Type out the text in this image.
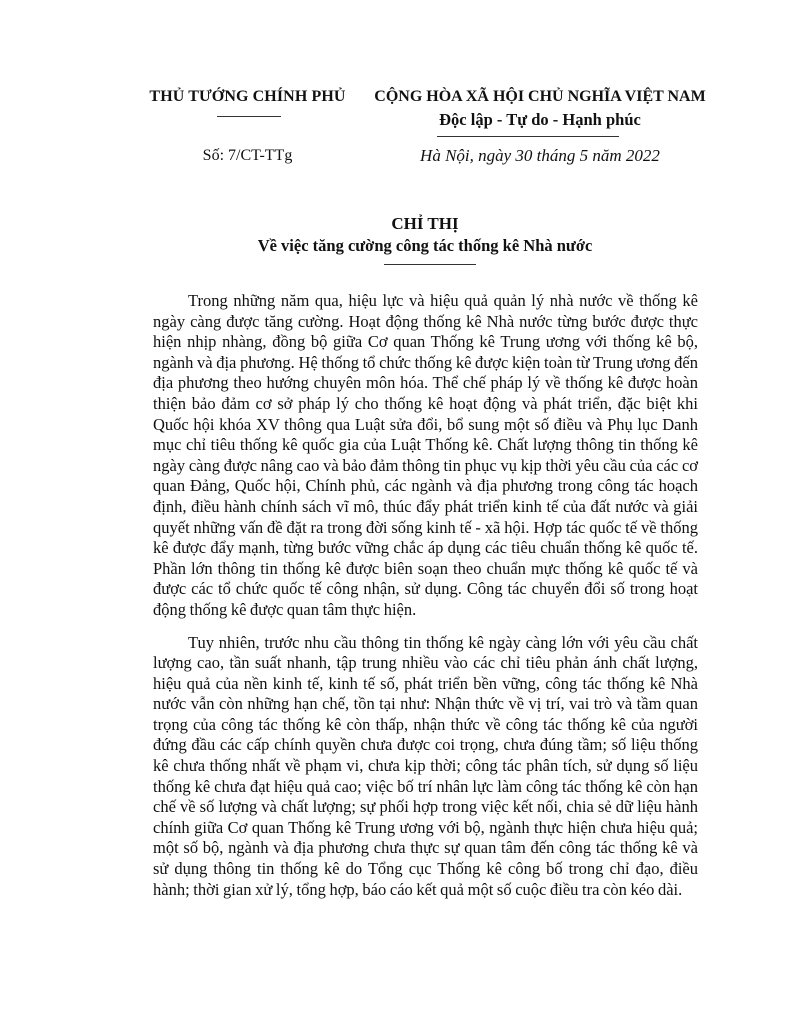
THỦ TƯỚNG CHÍNH PHỦ
Số: 7/CT-TTg
CỘNG HÒA XÃ HỘI CHỦ NGHĨA VIỆT NAM
Độc lập - Tự do - Hạnh phúc
Hà Nội, ngày 30 tháng 5 năm 2022
CHỈ THỊ
Về việc tăng cường công tác thống kê Nhà nước

Trong những năm qua, hiệu lực và hiệu quả quản lý nhà nước về thống kê ngày càng được tăng cường. Hoạt động thống kê Nhà nước từng bước được thực hiện nhịp nhàng, đồng bộ giữa Cơ quan Thống kê Trung ương với thống kê bộ, ngành và địa phương. Hệ thống tổ chức thống kê được kiện toàn từ Trung ương đến địa phương theo hướng chuyên môn hóa. Thể chế pháp lý về thống kê được hoàn thiện bảo đảm cơ sở pháp lý cho thống kê hoạt động và phát triển, đặc biệt khi Quốc hội khóa XV thông qua Luật sửa đổi, bổ sung một số điều và Phụ lục Danh mục chỉ tiêu thống kê quốc gia của Luật Thống kê. Chất lượng thông tin thống kê ngày càng được nâng cao và bảo đảm thông tin phục vụ kịp thời yêu cầu của các cơ quan Đảng, Quốc hội, Chính phủ, các ngành và địa phương trong công tác hoạch định, điều hành chính sách vĩ mô, thúc đẩy phát triển kinh tế của đất nước và giải quyết những vấn đề đặt ra trong đời sống kinh tế - xã hội. Hợp tác quốc tế về thống kê được đẩy mạnh, từng bước vững chắc áp dụng các tiêu chuẩn thống kê quốc tế. Phần lớn thông tin thống kê được biên soạn theo chuẩn mực thống kê quốc tế và được các tổ chức quốc tế công nhận, sử dụng. Công tác chuyển đổi số trong hoạt động thống kê được quan tâm thực hiện.

Tuy nhiên, trước nhu cầu thông tin thống kê ngày càng lớn với yêu cầu chất lượng cao, tần suất nhanh, tập trung nhiều vào các chỉ tiêu phản ánh chất lượng, hiệu quả của nền kinh tế, kinh tế số, phát triển bền vững, công tác thống kê Nhà nước vẫn còn những hạn chế, tồn tại như: Nhận thức về vị trí, vai trò và tầm quan trọng của công tác thống kê còn thấp, nhận thức về công tác thống kê của người đứng đầu các cấp chính quyền chưa được coi trọng, chưa đúng tầm; số liệu thống kê chưa thống nhất về phạm vi, chưa kịp thời; công tác phân tích, sử dụng số liệu thống kê chưa đạt hiệu quả cao; việc bố trí nhân lực làm công tác thống kê còn hạn chế về số lượng và chất lượng; sự phối hợp trong việc kết nối, chia sẻ dữ liệu hành chính giữa Cơ quan Thống kê Trung ương với bộ, ngành thực hiện chưa hiệu quả; một số bộ, ngành và địa phương chưa thực sự quan tâm đến công tác thống kê và sử dụng thông tin thống kê do Tổng cục Thống kê công bố trong chỉ đạo, điều hành; thời gian xử lý, tổng hợp, báo cáo kết quả một số cuộc điều tra còn kéo dài.
